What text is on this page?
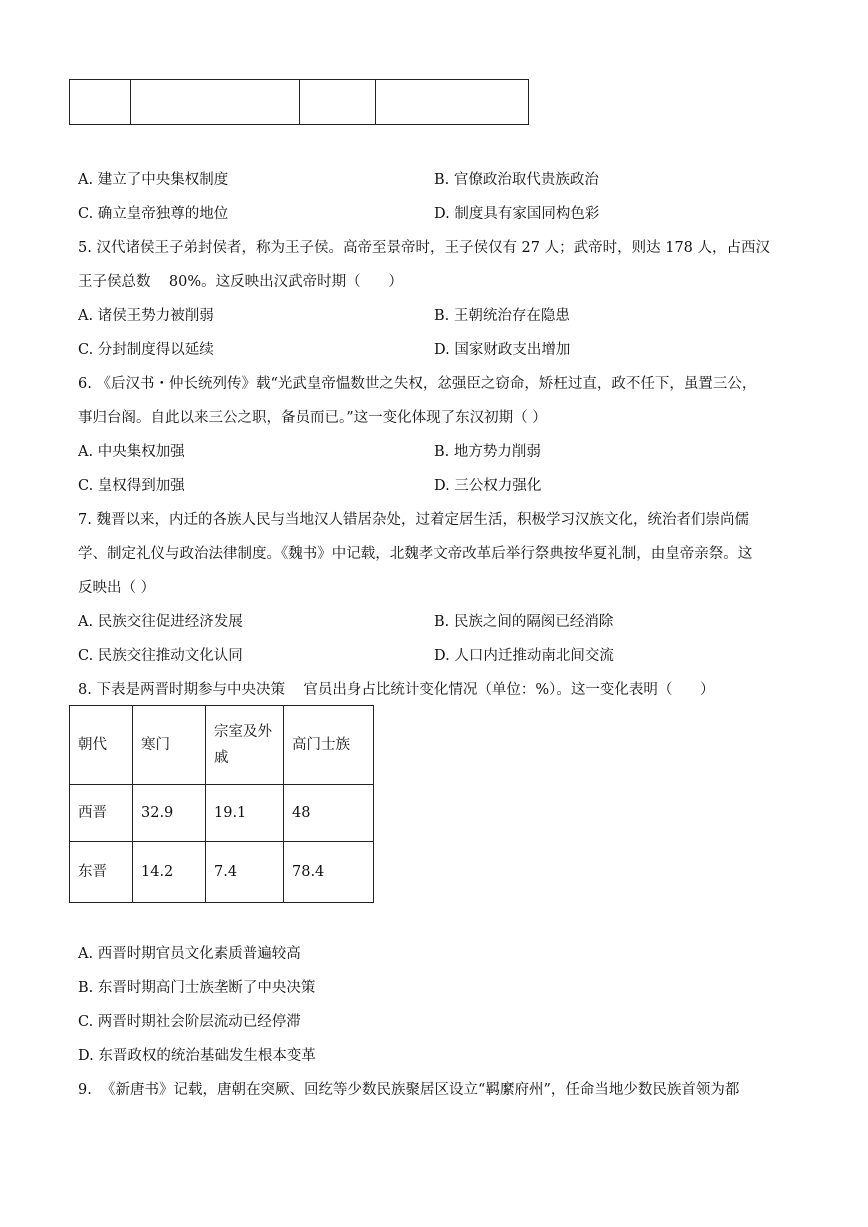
A. 建立了中央集权制度	B. 官僚政治取代贵族政治
C. 确立皇帝独尊的地位	D. 制度具有家国同构色彩
5. 汉代诸侯王子弟封侯者，称为王子侯。高帝至景帝时，王子侯仅有 27 人；武帝时，则达 178 人，占西汉
王子侯总数    80%。这反映出汉武帝时期（      ）
A. 诸侯王势力被削弱	B. 王朝统治存在隐患
C. 分封制度得以延续	D. 国家财政支出增加
6. 《后汉书・仲长统列传》载“光武皇帝愠数世之失权，忿强臣之窃命，矫枉过直，政不任下，虽置三公，
事归台阁。自此以来三公之职，备员而已。”这一变化体现了东汉初期（ ）
A. 中央集权加强	B. 地方势力削弱
C. 皇权得到加强	D. 三公权力强化
7. 魏晋以来，内迁的各族人民与当地汉人错居杂处，过着定居生活，积极学习汉族文化，统治者们崇尚儒
学、制定礼仪与政治法律制度。《魏书》中记载，北魏孝文帝改革后举行祭典按华夏礼制，由皇帝亲祭。这
反映出（ ）
A. 民族交往促进经济发展	B. 民族之间的隔阂已经消除
C. 民族交往推动文化认同	D. 人口内迁推动南北间交流
8. 下表是两晋时期参与中央决策    官员出身占比统计变化情况（单位：%）。这一变化表明（      ）
朝代	寒门	宗室及外戚	高门士族
西晋	32.9	19.1	48
东晋	14.2	7.4	78.4
A. 西晋时期官员文化素质普遍较高
B. 东晋时期高门士族垄断了中央决策
C. 两晋时期社会阶层流动已经停滞
D. 东晋政权的统治基础发生根本变革
9.  《新唐书》记载，唐朝在突厥、回纥等少数民族聚居区设立“羁縻府州”，任命当地少数民族首领为都
